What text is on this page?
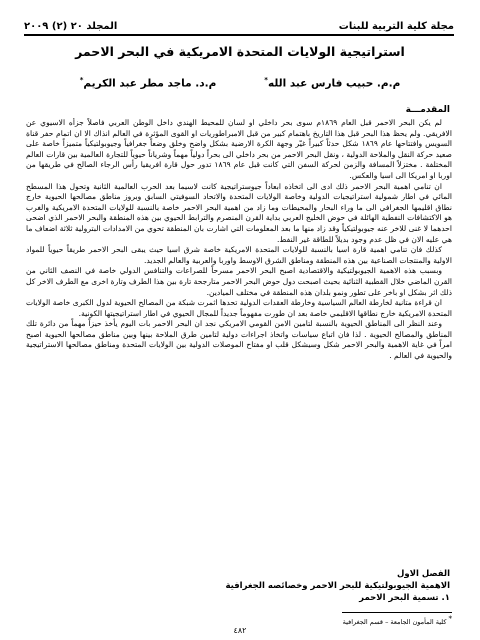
مجلة كلية التربية للبنات
المجلد ٢٠ (٢) ٢٠٠٩
استراتيجية الولايات المتحدة الامريكية في البحر الاحمر
م.م. حبيب فارس عبد الله*
م.د. ماجد مطر عبد الكريم*
المقدمـــة

لم يكن البحر الاحمر قبل العام ١٨٦٩م سوى بحر داخلي او لسان للمحيط الهندي داخل الوطن العربي فاصلاً جزأه الاسيوي عن الافريقي. ولم يحظ هذا البحر قبل هذا التاريخ باهتمام كبير من قبل الامبراطوريات او القوى المؤثرة في العالم انذاك الا ان اتمام حفر قناة السويس وافتتاحها عام ١٨٦٩ شكل حدثاً كبيراً غيّر وجهة الكرة الارضية بشكل واضح وخلق وضعاً جغرافياً وجيوبولتيكياً متميزاً خاصة على صعيد حركة النقل والملاحة الدولية ، ونقل البحر الاحمر من بحر داخلي الى بحراً دولياً مهماً وشرياناً حيوياً للتجارة العالمية بين قارات العالم المختلفة . مختزلاً المسافة والزمن لحركة السفن التي كانت قبل عام ١٨٦٩ تدور حول قارة افريقيا رأس الرجاء الصالح في طريقها من اوربا او امريكا الى اسيا والعكس.

ان تنامي اهمية البحر الاحمر ذلك ادى الى اتخاذه ابعاداً جيوستراتيجية كانت لاسيما بعد الحرب العالمية الثانية وتحول هذا المسطح المائي في اطار شمولية استراتيجيات الدولية وخاصة الولايات المتحدة والاتحاد السوفيتي السابق وبروز مناطق مصالحها الحيوية خارج نطاق اقليمها الجغرافي الى ما وراء البحار والمحيطات وما زاد من اهمية البحر الاحمر خاصة بالنسبة للولايات المتحدة الامريكية والغرب هو الاكتشافات النفطية الهائلة في حوض الخليج العربي بداية القرن المنصرم والترابط الحيوي بين هذه المنطقة والبحر الاحمر الذي اضحى احدهما لا غنى للاخر عنه جيوبولتيكياً وقد زاد منها ما بعد المعلومات التي اشارت بان المنطقة تحوي من الامدادات البترولية ثلاثة اضعاف ما هي عليه الان في ظل عدم وجود بديلاً للطاقة غير النفط.

كذلك فان تنامي اهمية قارة اسيا بالنسبة للولايات المتحدة الامريكية خاصة شرق اسيا حيث يبقى البحر الاحمر طريقاً حيوياً للمواد الاولية والمنتجات الصناعية بين هذه المنطقة ومناطق الشرق الاوسط واوربا والعربية والعالم الجديد.

وبسبب هذه الاهمية الجيوبولتيكية والاقتصادية اصبح البحر الاحمر مسرحاً للصراعات والتنافس الدولي خاصة في النصف الثاني من القرن الماضي خلال القطبية الثنائية بحيث اصبحت دول حوض البحر الاحمر متارجحة تارة بين هذا الطرف وتارة اخرى مع الطرف الاخر كل ذلك اثر بشكل او باخر على تطور ونمو بلدان هذه المنطقة في مختلف الميادين.

ان قراءة متانية لخارطة العالم السياسية وخارطة العقدات الدولية تحدها اثمرت شبكة من المصالح الحيوية لدول الكبرى خاصة الولايات المتحدة الامريكية خارج نطاقها الاقليمي خاصة بعد ان طورت مفهوماً جديداً للمجال الحيوي في اطار استراتيجيتها الكونية.

وعند النظر الى المناطق الحيوية بالنسبة لتامين الامن القومي الامريكي نجد ان البحر الاحمر بات اليوم يأخذ حيزاً مهماً من دائرة تلك المناطق والمصالح الحيوية . لذا فان اتباع سياسات واتخاذ اجراءات دولية لتامين طرق الملاحة بينها وبين مناطق مصالحها الحيوية اصبح امراً في غاية الاهمية والبحر الاحمر شكل وسيشكل قلب او مفتاح الموصلات الدولية بين الولايات المتحدة ومناطق مصالحها الاستراتيجية والحيوية في العالم .

الفصل الاول
الاهمية الجيوبولتيكية للبحر الاحمر وخصائصه الجغرافية
١. تسمية البحر الاحمر
* كلية المأمون الجامعة – قسم الجغرافية
٤٨٢
